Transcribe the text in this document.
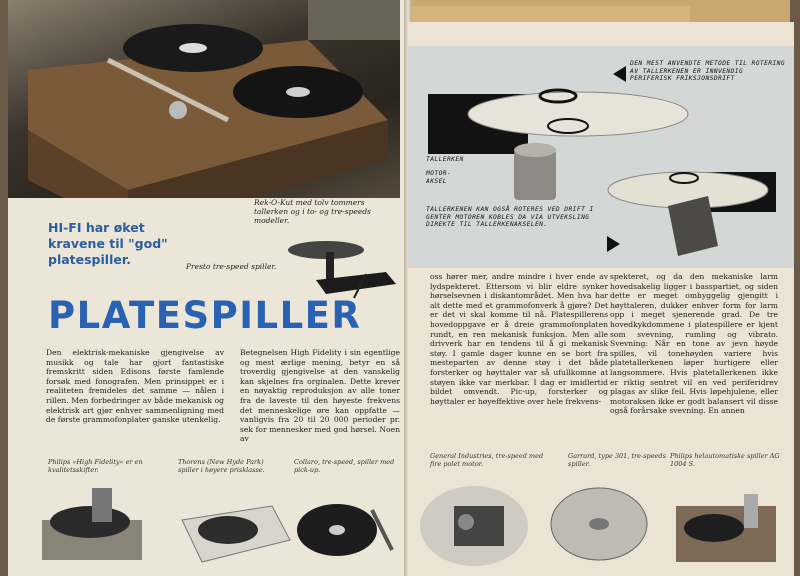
Rek-O-Kut med tolv tommers tallerken og i to- og tre-speeds modeller.
HI-FI har øket
kravene til "god"
platespiller.	Presto tre-speed spiller.
PLATESPILLER
Den elektrisk-mekaniske gjengivelse av musikk og tale har gjort fantastiske fremskritt siden Edisons første famlende forsøk med fonografen. Men prinsippet er i realiteten fremdeles det samme — nålen i rillen. Men forbedringer av både mekanisk og elektrisk art gjør enhver sammenligning med de første grammofonplater ganske utenkelig.
Betegnelsen High Fidelity i sin egentlige og mest ærlige mening, betyr en så troverdig gjengivelse at den vanskelig kan skjelnes fra orginalen. Dette krever en nøyaktig reproduksjon av alle toner fra de laveste til den høyeste frekvens det menneskelige øre kan oppfatte — vanligvis fra 20 til 20 000 perioder pr. sek for mennesker med god hørsel. Noen av
Philips »High Fidelity« er en kvalitetsskifter.
Thorens (New Hyde Park) spiller i høyere prisklasse.
Collaro, tre-speed, spiller med pick-up.
DEN MEST ANVENDTE METODE TIL ROTERING AV TALLERKENEN ER INNVENDIG PERIFERISK FRIKSJONSDRIFT
TALLERKEN
MOTOR-AKSEL
TALLERKENEN KAN OGSÅ ROTERES VED DRIFT I GENTER MOTOREN KOBLES DA VIA UTVEKSLING DIREKTE TIL TALLERKENAKSELEN.
oss hører mer, andre mindre i hver ende av lydspekteret. Ettersom vi blir eldre synker hørselsevnen i diskantområdet. Men hva har alt dette med et grammofonverk å gjøre? Det er det vi skal komme til nå. Platespillerens hovedoppgave er å dreie grammofonplaten rundt, en ren mekanisk funksjon. Men alle drivverk har en tendens til å gi mekanisk støy. I gamle dager kunne en se bort fra mesteparten av denne støy i det både forsterker og høyttaler var så ufullkomne at støyen ikke var merkbar. I dag er imidlertid bildet omvendt. Pic-up, forsterker og høyttaler er høyeffektive over hele frekvens-
spekteret, og da den mekaniske larm hovedsakelig ligger i basspartiet, og siden dette er meget omhyggelig gjengitt i høyttaleren, dukker enhver form for larm opp i meget sjenerende grad. De tre hovedkykdommene i platespillere er kjent som svevning, rumling og vibrato. Svevning: Når en tone av jevn høyde spilles, vil tonehøyden variere hvis platetallerkenen løper hurtigere eller langsommere. Hvis platetallerkenen ikke er riktig sentret vil en ved periferidrev plagas av slike feil. Hvis løpehjulene, eller motoraksen ikke er godt balansert vil disse også forårsake svevning. En annen
General Industries, tre-speed med fire polet motor.
Garrard, type 301, tre-speeds spiller.
Philips helautomatiske spiller AG 1004 S.
